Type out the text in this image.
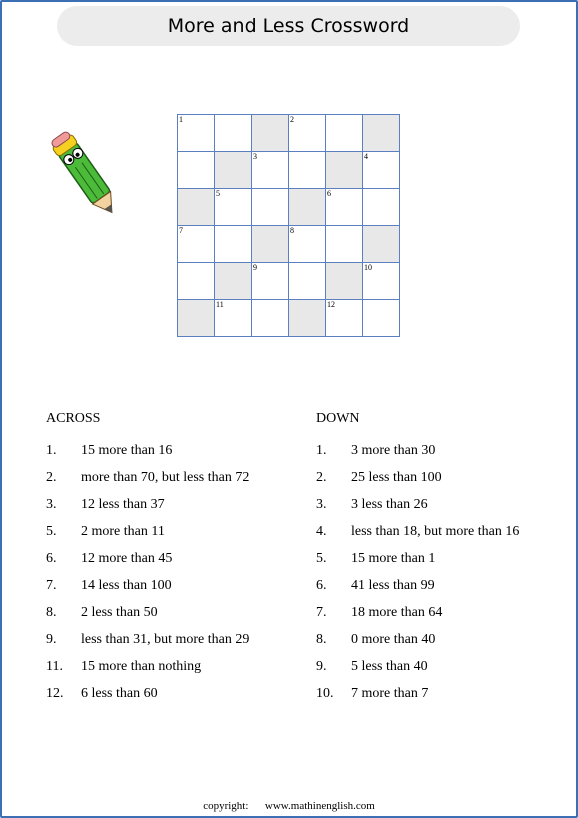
More and Less Crossword
1	2
3	4
5	6
7	8
9	10
11	12
ACROSS
1.	15 more than 16
2.	more than 70, but less than 72
3.	12 less than 37
5.	2 more than 11
6.	12 more than 45
7.	14 less than 100
8.	2 less than 50
9.	less than 31, but more than 29
11.	15 more than nothing
12.	6 less than 60
DOWN
1.	3 more than 30
2.	25 less than 100
3.	3 less than 26
4.	less than 18, but more than 16
5.	15 more than 1
6.	41 less than 99
7.	18 more than 64
8.	0 more than 40
9.	5 less than 40
10.	7 more than 7
copyright: www.mathinenglish.com
